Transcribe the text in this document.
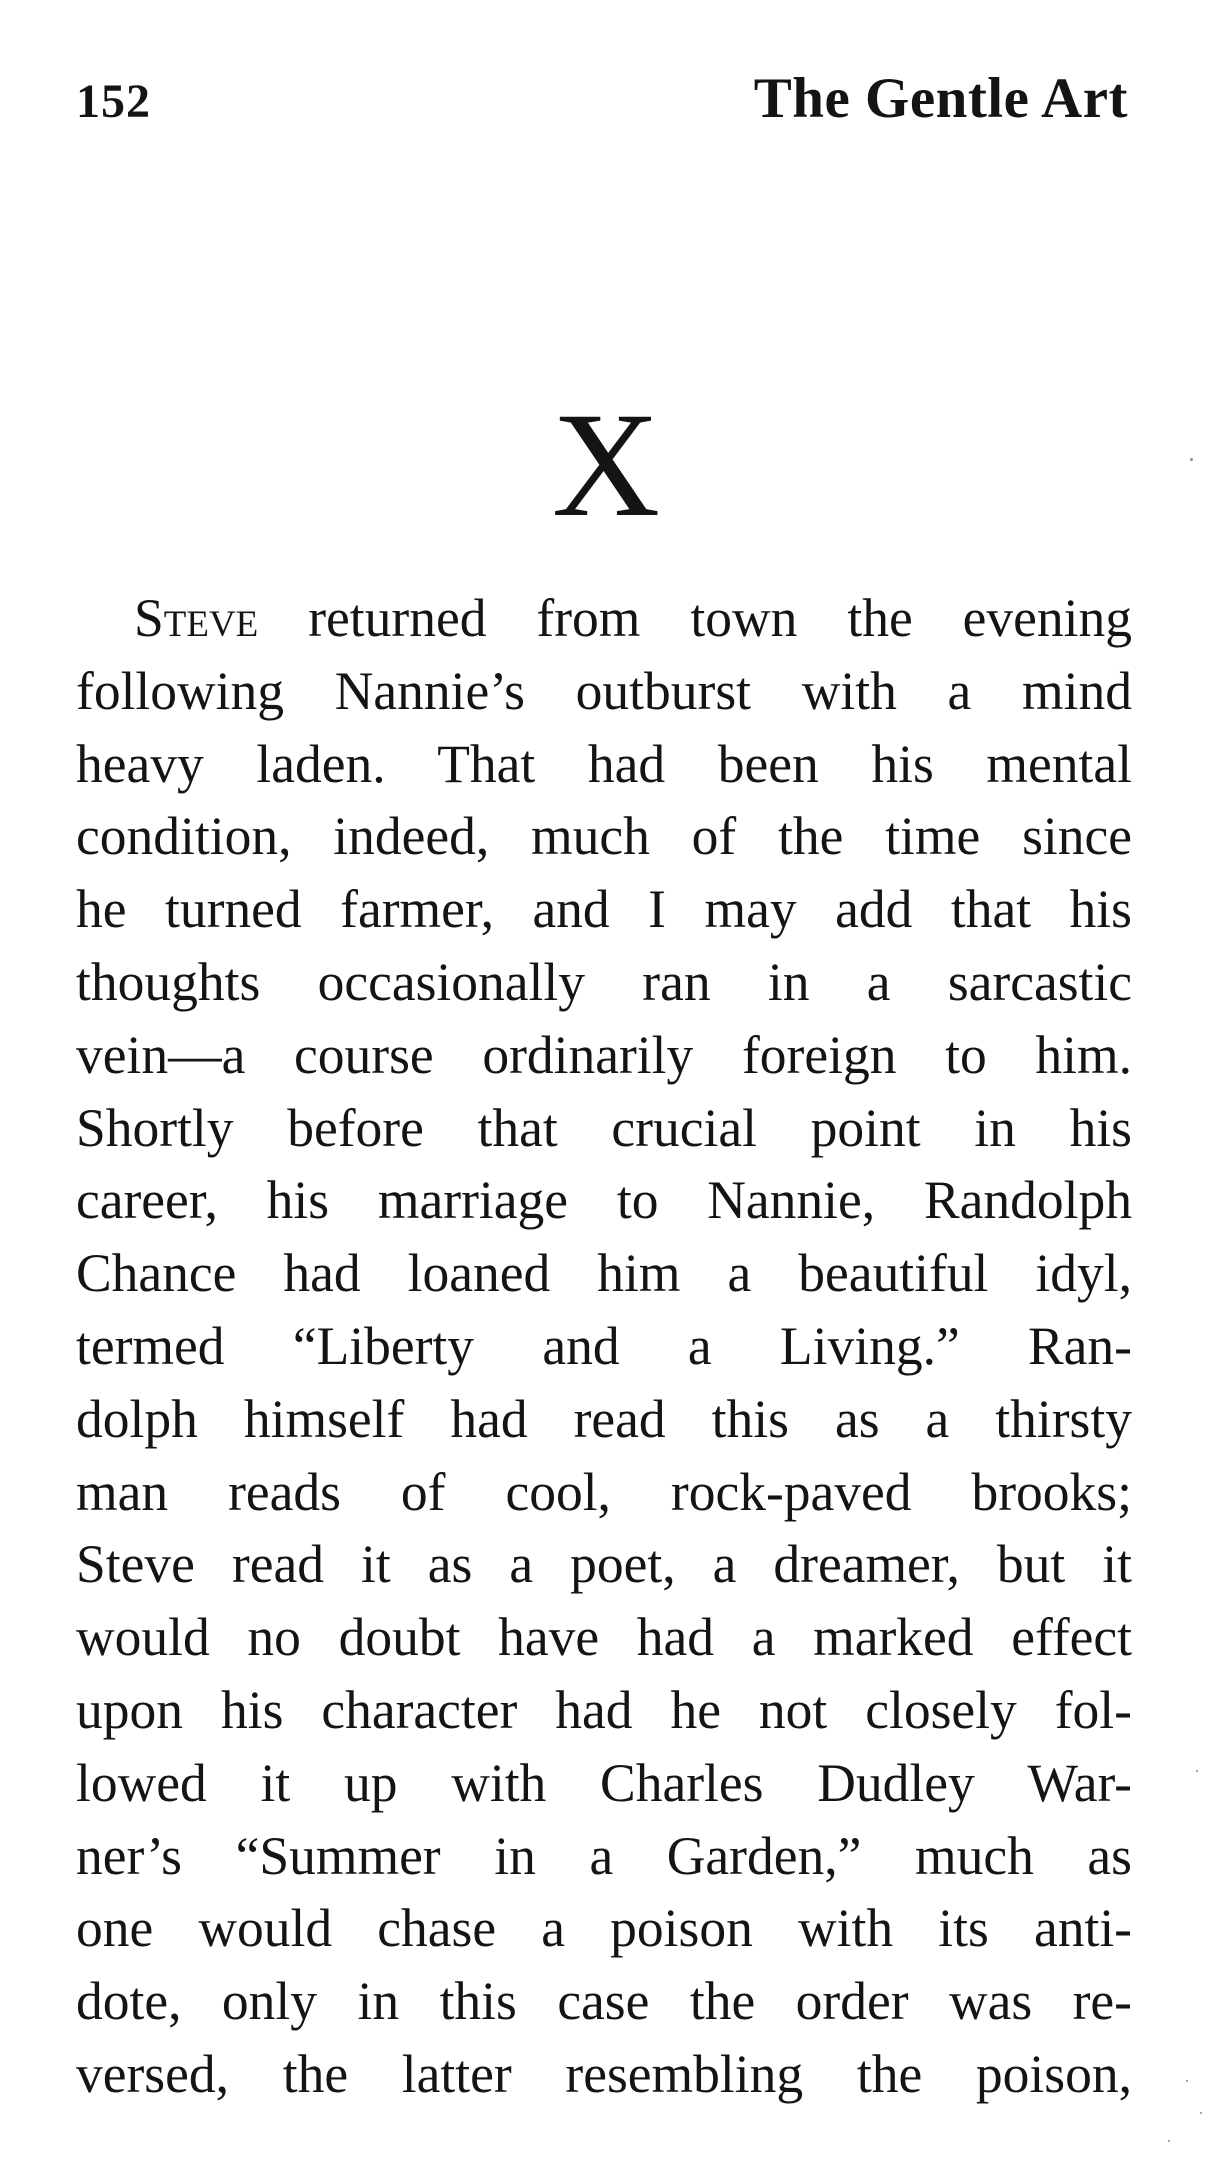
152	The Gentle Art
X
Steve returned from town the evening
following Nannie’s outburst with a mind
heavy laden. That had been his mental
condition, indeed, much of the time since
he turned farmer, and I may add that his
thoughts occasionally ran in a sarcastic
vein—a course ordinarily foreign to him.
Shortly before that crucial point in his
career, his marriage to Nannie, Randolph
Chance had loaned him a beautiful idyl,
termed “Liberty and a Living.” Ran-
dolph himself had read this as a thirsty
man reads of cool, rock-paved brooks;
Steve read it as a poet, a dreamer, but it
would no doubt have had a marked effect
upon his character had he not closely fol-
lowed it up with Charles Dudley War-
ner’s “Summer in a Garden,” much as
one would chase a poison with its anti-
dote, only in this case the order was re-
versed, the latter resembling the poison,
